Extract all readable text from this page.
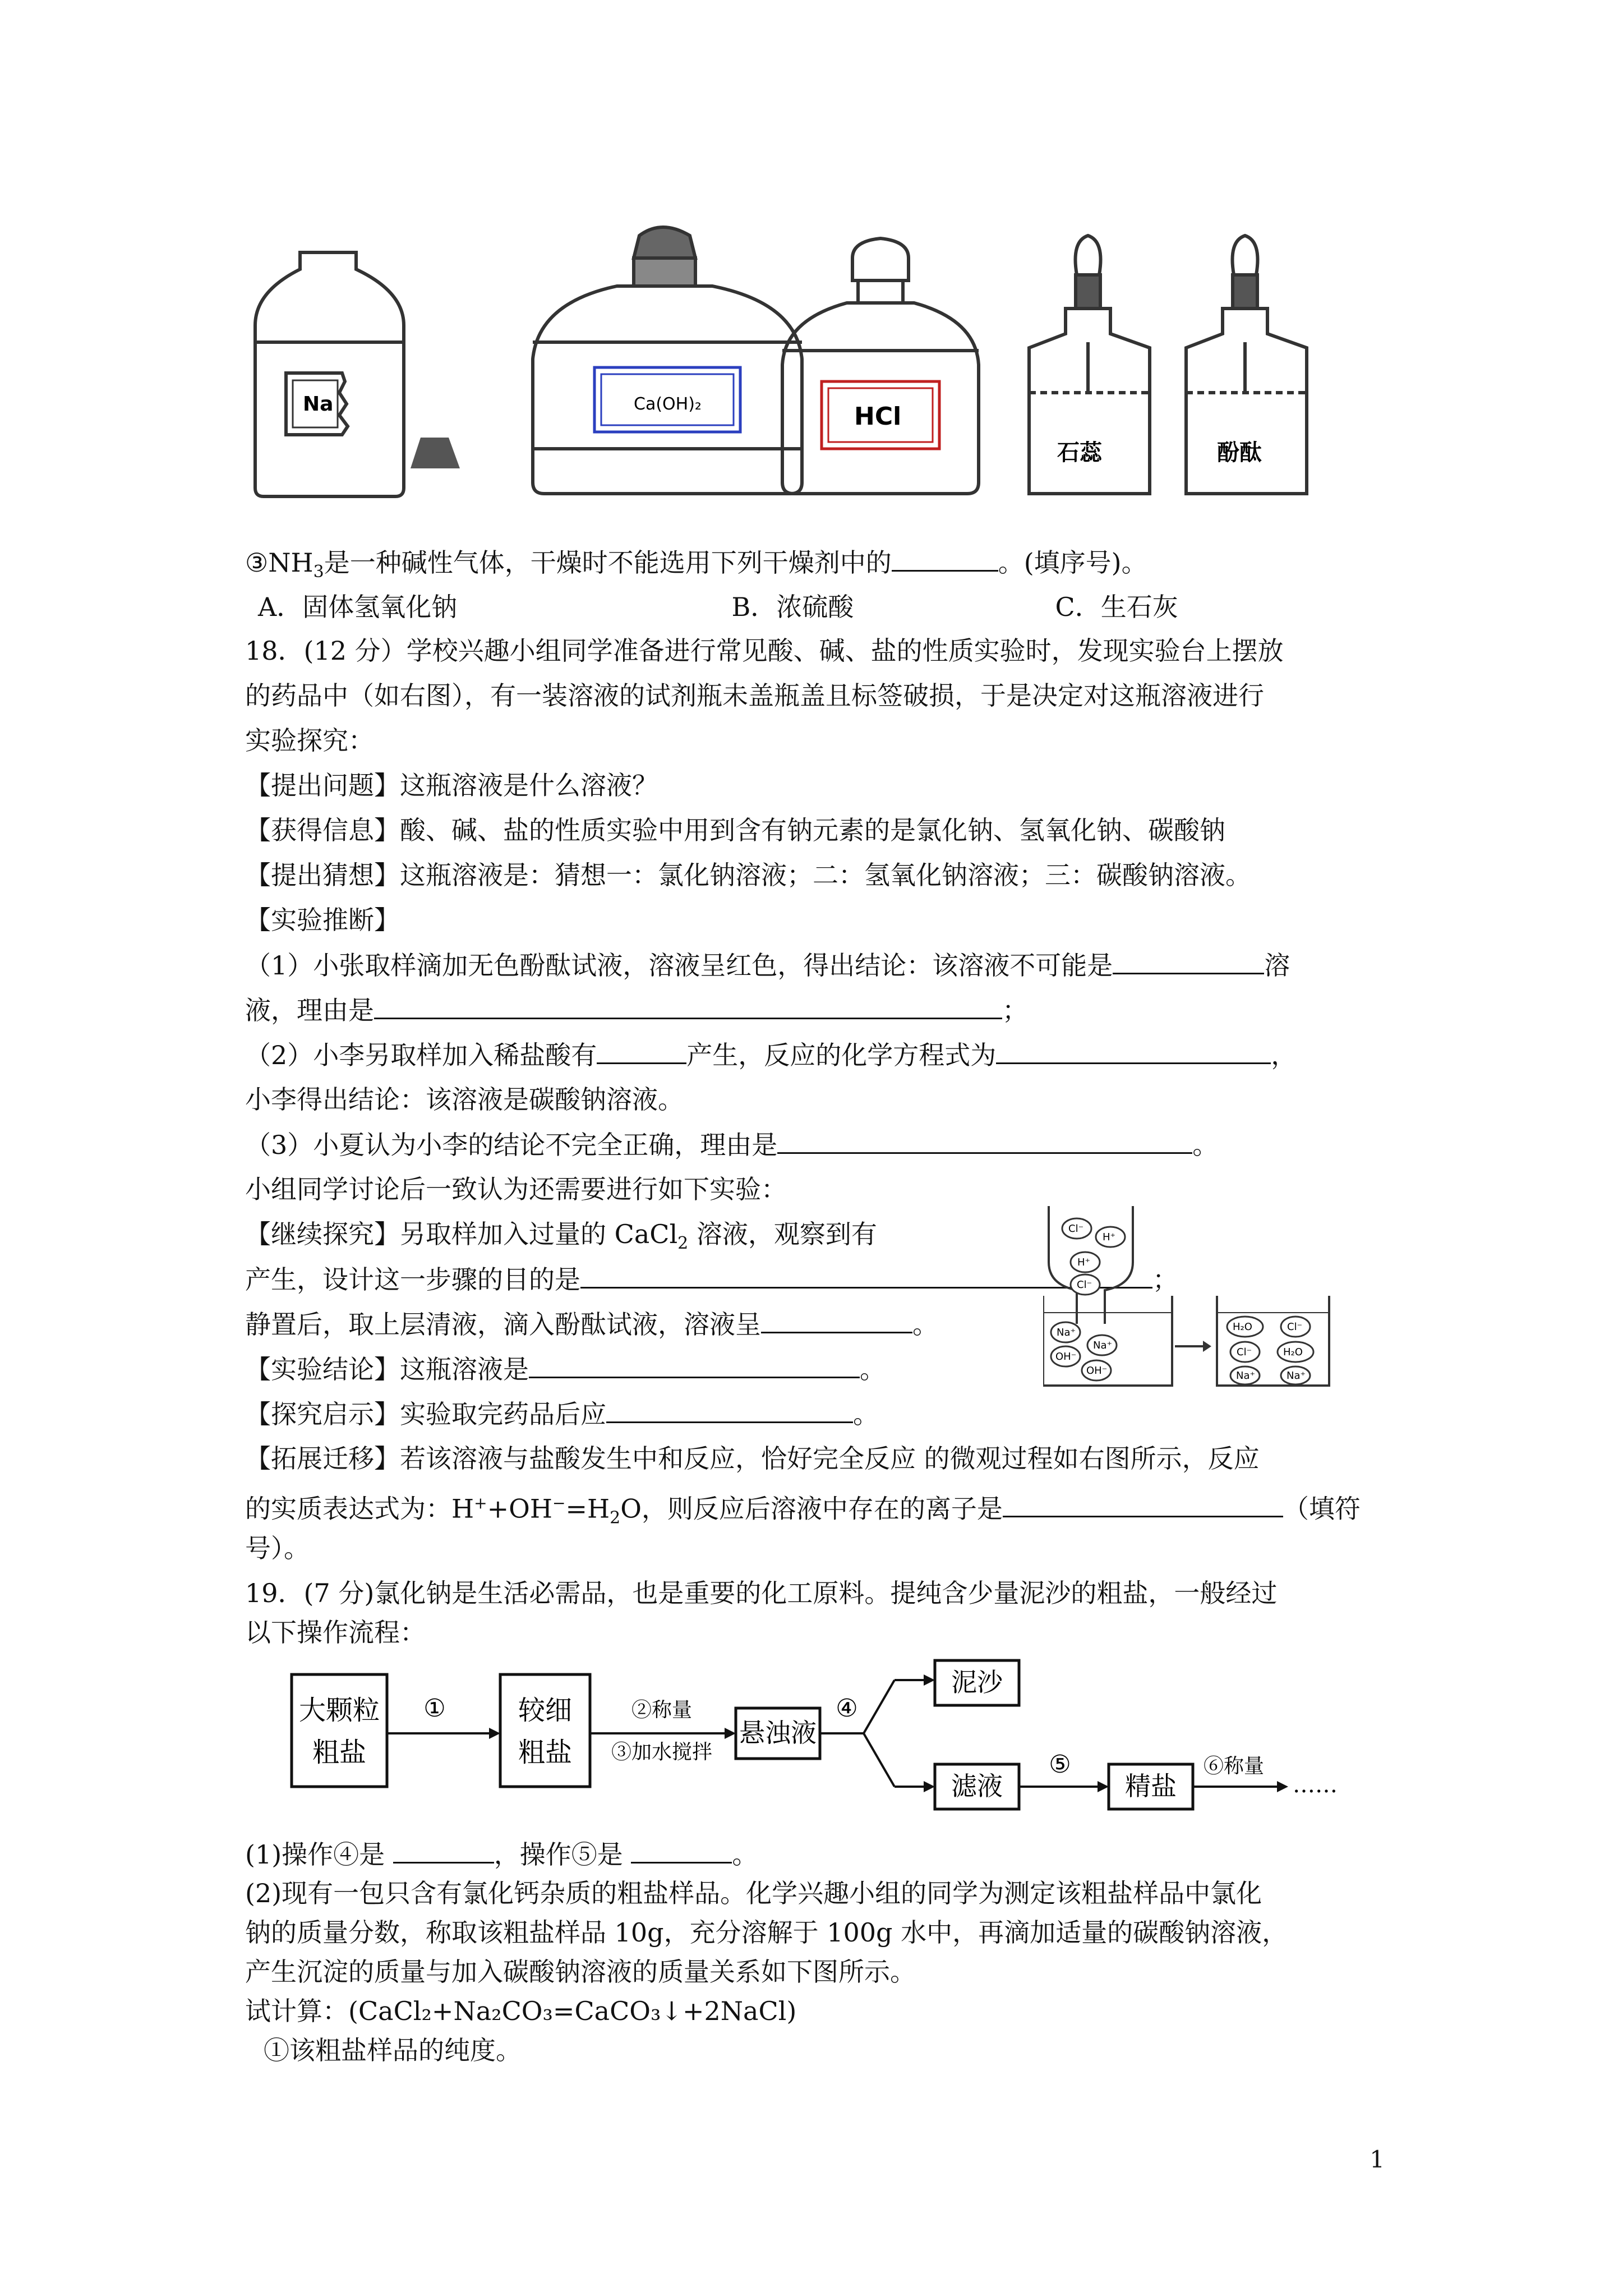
Na	Ca(OH)₂	HCl
石蕊	酚酞
$③NH_3$是一种碱性气体，干燥时不能选用下列干燥剂中的	。(填序号)。
A．固体氢氧化钠	B．浓硫酸	C．生石灰
18．(12 分）学校兴趣小组同学准备进行常见酸、碱、盐的性质实验时，发现实验台上摆放
的药品中（如右图），有一装溶液的试剂瓶未盖瓶盖且标签破损，于是决定对这瓶溶液进行
实验探究：
【提出问题】这瓶溶液是什么溶液？
【获得信息】酸、碱、盐的性质实验中用到含有钠元素的是氯化钠、氢氧化钠、碳酸钠
【提出猜想】这瓶溶液是：猜想一：氯化钠溶液；二：氢氧化钠溶液；三：碳酸钠溶液。
【实验推断】
（1）小张取样滴加无色酚酞试液，溶液呈红色，得出结论：该溶液不可能是	溶
液，理由是	；
（2）小李另取样加入稀盐酸有	产生，反应的化学方程式为	，
小李得出结论：该溶液是碳酸钠溶液。
（3）小夏认为小李的结论不完全正确，理由是	。
小组同学讨论后一致认为还需要进行如下实验：
【继续探究】另取样加入过量的 CaCl$_2$ 溶液，观察到有
产生，设计这一步骤的目的是	；
静置后，取上层清液，滴入酚酞试液，溶液呈	。
【实验结论】这瓶溶液是	。
【探究启示】实验取完药品后应	。
【拓展迁移】若该溶液与盐酸发生中和反应，恰好完全反应 的微观过程如右图所示，反应
的实质表达式为：$H^++OH^-=H_2O$，则反应后溶液中存在的离子是	（填符
号）。
Cl⁻
H⁺
H⁺
Cl⁻
Na⁺
OH⁻
Na⁺
OH⁻
H₂O	Cl⁻
Cl⁻	H₂O
Na⁺	Na⁺
19．(7 分)氯化钠是生活必需品，也是重要的化工原料。提纯含少量泥沙的粗盐，一般经过
以下操作流程：
大颗粒
粗盐
①	较细
粗盐
②称量
③加水搅拌
悬浊液
④
泥沙
滤液
⑤
精盐
⑥称量
……
(1)操作④是	，操作⑤是	。
(2)现有一包只含有氯化钙杂质的粗盐样品。化学兴趣小组的同学为测定该粗盐样品中氯化
钠的质量分数，称取该粗盐样品 10g，充分溶解于 100g 水中，再滴加适量的碳酸钠溶液，
产生沉淀的质量与加入碳酸钠溶液的质量关系如下图所示。
试计算：(CaCl₂+Na₂CO₃=CaCO₃↓+2NaCl)
①该粗盐样品的纯度。
1
